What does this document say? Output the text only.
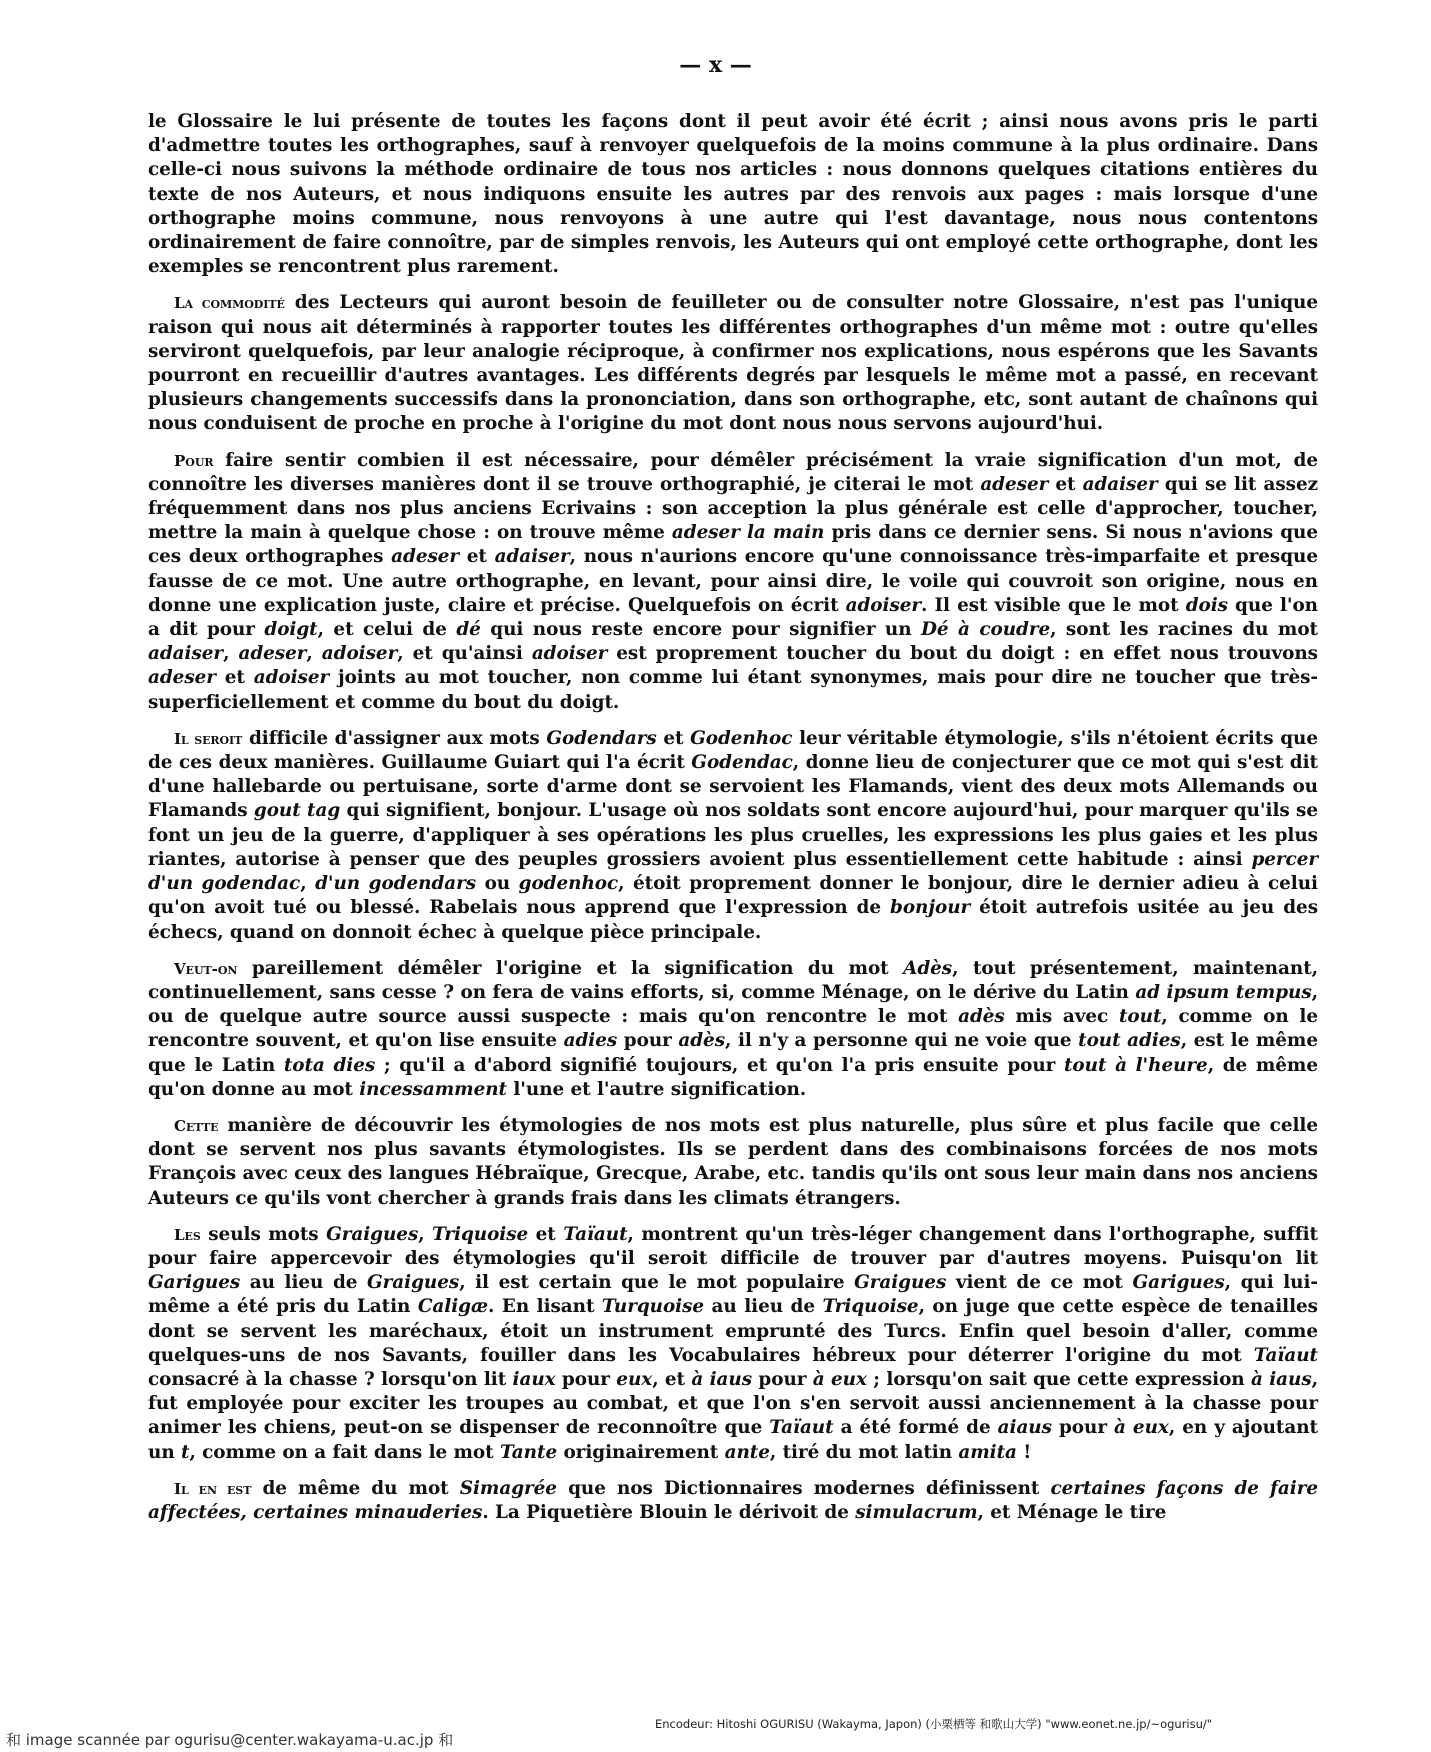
— x —

le Glossaire le lui présente de toutes les façons dont il peut avoir été écrit ; ainsi nous avons pris le parti d'admettre toutes les orthographes, sauf à renvoyer quelquefois de la moins commune à la plus ordinaire. Dans celle-ci nous suivons la méthode ordinaire de tous nos articles : nous donnons quelques citations entières du texte de nos Auteurs, et nous indiquons ensuite les autres par des renvois aux pages : mais lorsque d'une orthographe moins commune, nous renvoyons à une autre qui l'est davantage, nous nous contentons ordinairement de faire connoître, par de simples renvois, les Auteurs qui ont employé cette orthographe, dont les exemples se rencontrent plus rarement.

La commodité des Lecteurs qui auront besoin de feuilleter ou de consulter notre Glossaire, n'est pas l'unique raison qui nous ait déterminés à rapporter toutes les différentes orthographes d'un même mot : outre qu'elles serviront quelquefois, par leur analogie réciproque, à confirmer nos explications, nous espérons que les Savants pourront en recueillir d'autres avantages. Les différents degrés par lesquels le même mot a passé, en recevant plusieurs changements successifs dans la prononciation, dans son orthographe, etc, sont autant de chaînons qui nous conduisent de proche en proche à l'origine du mot dont nous nous servons aujourd'hui.

Pour faire sentir combien il est nécessaire, pour démêler précisément la vraie signification d'un mot, de connoître les diverses manières dont il se trouve orthographié, je citerai le mot adeser et adaiser qui se lit assez fréquemment dans nos plus anciens Ecrivains : son acception la plus générale est celle d'approcher, toucher, mettre la main à quelque chose : on trouve même adeser la main pris dans ce dernier sens. Si nous n'avions que ces deux orthographes adeser et adaiser, nous n'aurions encore qu'une connoissance très-imparfaite et presque fausse de ce mot. Une autre orthographe, en levant, pour ainsi dire, le voile qui couvroit son origine, nous en donne une explication juste, claire et précise. Quelquefois on écrit adoiser. Il est visible que le mot dois que l'on a dit pour doigt, et celui de dé qui nous reste encore pour signifier un Dé à coudre, sont les racines du mot adaiser, adeser, adoiser, et qu'ainsi adoiser est proprement toucher du bout du doigt : en effet nous trouvons adeser et adoiser joints au mot toucher, non comme lui étant synonymes, mais pour dire ne toucher que très-superficiellement et comme du bout du doigt.

Il seroit difficile d'assigner aux mots Godendars et Godenhoc leur véritable étymologie, s'ils n'étoient écrits que de ces deux manières. Guillaume Guiart qui l'a écrit Godendac, donne lieu de conjecturer que ce mot qui s'est dit d'une hallebarde ou pertuisane, sorte d'arme dont se servoient les Flamands, vient des deux mots Allemands ou Flamands gout tag qui signifient, bonjour. L'usage où nos soldats sont encore aujourd'hui, pour marquer qu'ils se font un jeu de la guerre, d'appliquer à ses opérations les plus cruelles, les expressions les plus gaies et les plus riantes, autorise à penser que des peuples grossiers avoient plus essentiellement cette habitude : ainsi percer d'un godendac, d'un godendars ou godenhoc, étoit proprement donner le bonjour, dire le dernier adieu à celui qu'on avoit tué ou blessé. Rabelais nous apprend que l'expression de bonjour étoit autrefois usitée au jeu des échecs, quand on donnoit échec à quelque pièce principale.

Veut-on pareillement démêler l'origine et la signification du mot Adès, tout présentement, maintenant, continuellement, sans cesse ? on fera de vains efforts, si, comme Ménage, on le dérive du Latin ad ipsum tempus, ou de quelque autre source aussi suspecte : mais qu'on rencontre le mot adès mis avec tout, comme on le rencontre souvent, et qu'on lise ensuite adies pour adès, il n'y a personne qui ne voie que tout adies, est le même que le Latin tota dies ; qu'il a d'abord signifié toujours, et qu'on l'a pris ensuite pour tout à l'heure, de même qu'on donne au mot incessamment l'une et l'autre signification.

Cette manière de découvrir les étymologies de nos mots est plus naturelle, plus sûre et plus facile que celle dont se servent nos plus savants étymologistes. Ils se perdent dans des combinaisons forcées de nos mots François avec ceux des langues Hébraïque, Grecque, Arabe, etc. tandis qu'ils ont sous leur main dans nos anciens Auteurs ce qu'ils vont chercher à grands frais dans les climats étrangers.

Les seuls mots Graigues, Triquoise et Taïaut, montrent qu'un très-léger changement dans l'orthographe, suffit pour faire appercevoir des étymologies qu'il seroit difficile de trouver par d'autres moyens. Puisqu'on lit Garigues au lieu de Graigues, il est certain que le mot populaire Graigues vient de ce mot Garigues, qui lui-même a été pris du Latin Caligæ. En lisant Turquoise au lieu de Triquoise, on juge que cette espèce de tenailles dont se servent les maréchaux, étoit un instrument emprunté des Turcs. Enfin quel besoin d'aller, comme quelques-uns de nos Savants, fouiller dans les Vocabulaires hébreux pour déterrer l'origine du mot Taïaut consacré à la chasse ? lorsqu'on lit iaux pour eux, et à iaus pour à eux ; lorsqu'on sait que cette expression à iaus, fut employée pour exciter les troupes au combat, et que l'on s'en servoit aussi anciennement à la chasse pour animer les chiens, peut-on se dispenser de reconnoître que Taïaut a été formé de aiaus pour à eux, en y ajoutant un t, comme on a fait dans le mot Tante originairement ante, tiré du mot latin amita !

Il en est de même du mot Simagrée que nos Dictionnaires modernes définissent certaines façons de faire affectées, certaines minauderies. La Piquetière Blouin le dérivoit de simulacrum, et Ménage le tire

Encodeur: Hitoshi OGURISU (Wakayma, Japon) (小栗栖等 和歌山大学) "www.eonet.ne.jp/~ogurisu/"
和 image scannée par ogurisu@center.wakayama-u.ac.jp 和
